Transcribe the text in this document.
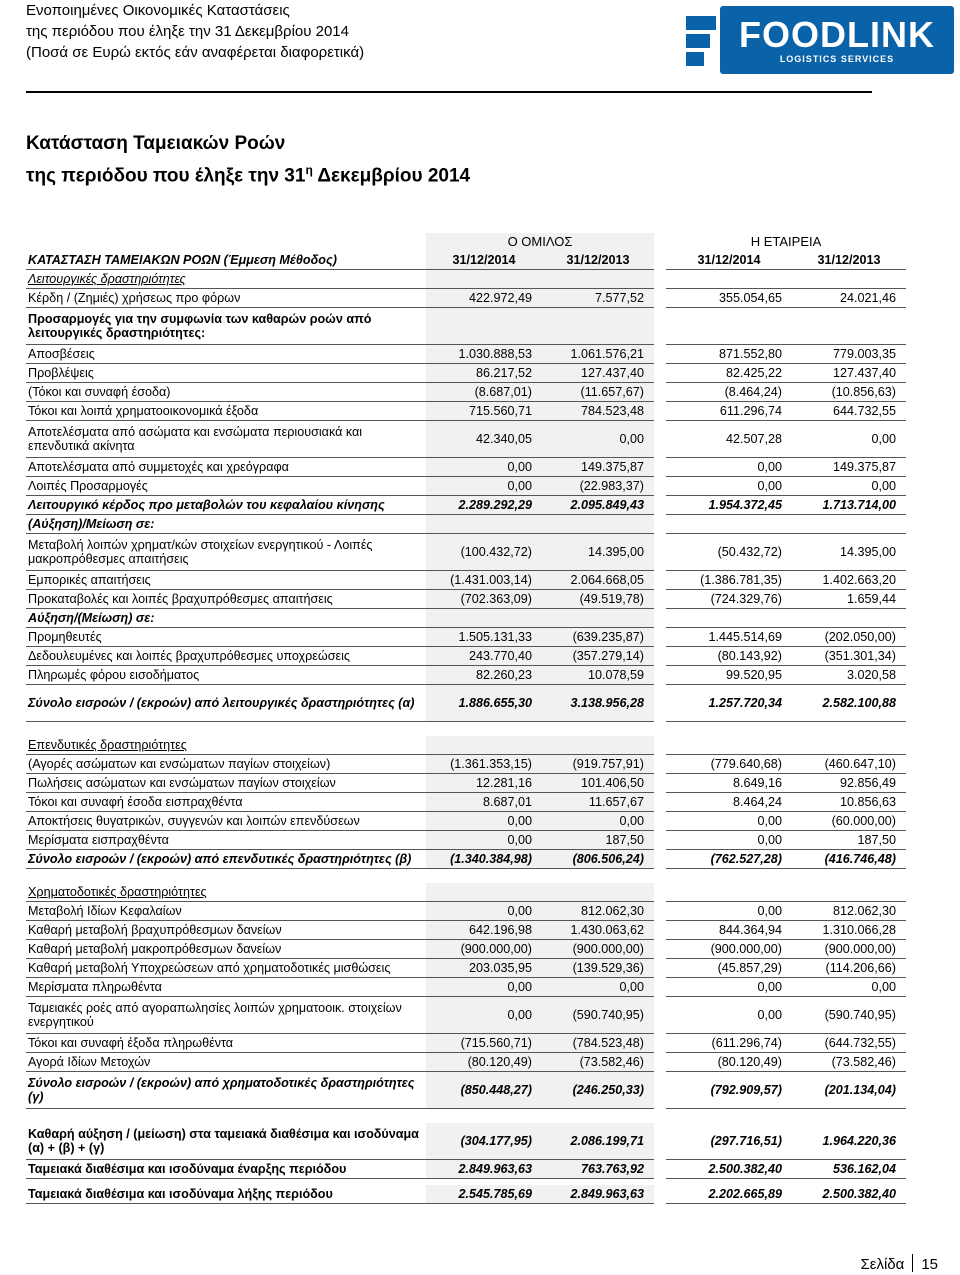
Ενοποιημένες Οικονομικές Καταστάσεις
της περιόδου που έληξε την 31 Δεκεμβρίου 2014
(Ποσά σε Ευρώ εκτός εάν αναφέρεται διαφορετικά)	FOODLINK
LOGISTICS SERVICES
Κατάσταση Ταμειακών Ροών
της περιόδου που έληξε την $31^\eta$ Δεκεμβρίου 2014
	Ο ΟΜΙΛΟΣ			Η ΕΤΑΙΡΕΙΑ	
ΚΑΤΑΣΤΑΣΗ ΤΑΜΕΙΑΚΩΝ ΡΟΩΝ (Έμμεση Μέθοδος)	31/12/2014	31/12/2013		31/12/2014	31/12/2013
Λειτουργικές δραστηριότητες					
Κέρδη / (Ζημιές) χρήσεως προ φόρων	422.972,49	7.577,52		355.054,65	24.021,46
Προσαρμογές για την συμφωνία των καθαρών ροών από λειτουργικές δραστηριότητες:					
Αποσβέσεις	1.030.888,53	1.061.576,21		871.552,80	779.003,35
Προβλέψεις	86.217,52	127.437,40		82.425,22	127.437,40
(Τόκοι και συναφή έσοδα)	(8.687,01)	(11.657,67)		(8.464,24)	(10.856,63)
Τόκοι και λοιπά χρηματοοικονομικά έξοδα	715.560,71	784.523,48		611.296,74	644.732,55
Αποτελέσματα από ασώματα και ενσώματα περιουσιακά και επενδυτικά ακίνητα	42.340,05	0,00		42.507,28	0,00
Αποτελέσματα από συμμετοχές και χρεόγραφα	0,00	149.375,87		0,00	149.375,87
Λοιπές Προσαρμογές	0,00	(22.983,37)		0,00	0,00
Λειτουργικό κέρδος προ μεταβολών του κεφαλαίου κίνησης	2.289.292,29	2.095.849,43		1.954.372,45	1.713.714,00
(Αύξηση)/Μείωση σε:					
Μεταβολή λοιπών χρηματ/κών στοιχείων ενεργητικού - Λοιπές μακροπρόθεσμες απαιτήσεις	(100.432,72)	14.395,00		(50.432,72)	14.395,00
Εμπορικές απαιτήσεις	(1.431.003,14)	2.064.668,05		(1.386.781,35)	1.402.663,20
Προκαταβολές και λοιπές βραχυπρόθεσμες απαιτήσεις	(702.363,09)	(49.519,78)		(724.329,76)	1.659,44
Αύξηση/(Μείωση) σε:					
Προμηθευτές	1.505.131,33	(639.235,87)		1.445.514,69	(202.050,00)
Δεδουλευμένες και λοιπές βραχυπρόθεσμες υποχρεώσεις	243.770,40	(357.279,14)		(80.143,92)	(351.301,34)
Πληρωμές φόρου εισοδήματος	82.260,23	10.078,59		99.520,95	3.020,58
Σύνολο εισροών / (εκροών) από λειτουργικές δραστηριότητες (α)	1.886.655,30	3.138.956,28		1.257.720,34	2.582.100,88

Επενδυτικές δραστηριότητες					
(Αγορές ασώματων και ενσώματων παγίων στοιχείων)	(1.361.353,15)	(919.757,91)		(779.640,68)	(460.647,10)
Πωλήσεις ασώματων και ενσώματων παγίων στοιχείων	12.281,16	101.406,50		8.649,16	92.856,49
Τόκοι και συναφή έσοδα εισπραχθέντα	8.687,01	11.657,67		8.464,24	10.856,63
Αποκτήσεις θυγατρικών, συγγενών και λοιπών επενδύσεων	0,00	0,00		0,00	(60.000,00)
Μερίσματα εισπραχθέντα	0,00	187,50		0,00	187,50
Σύνολο εισροών / (εκροών) από επενδυτικές δραστηριότητες (β)	(1.340.384,98)	(806.506,24)		(762.527,28)	(416.746,48)

Χρηματοδοτικές δραστηριότητες					
Μεταβολή Ιδίων Κεφαλαίων	0,00	812.062,30		0,00	812.062,30
Καθαρή μεταβολή βραχυπρόθεσμων δανείων	642.196,98	1.430.063,62		844.364,94	1.310.066,28
Καθαρή μεταβολή μακροπρόθεσμων δανείων	(900.000,00)	(900.000,00)		(900.000,00)	(900.000,00)
Καθαρή μεταβολή Υποχρεώσεων από χρηματοδοτικές μισθώσεις	203.035,95	(139.529,36)		(45.857,29)	(114.206,66)
Μερίσματα πληρωθέντα	0,00	0,00		0,00	0,00
Ταμειακές ροές από αγοραπωλησίες λοιπών χρηματοοικ. στοιχείων ενεργητικού	0,00	(590.740,95)		0,00	(590.740,95)
Τόκοι και συναφή έξοδα πληρωθέντα	(715.560,71)	(784.523,48)		(611.296,74)	(644.732,55)
Αγορά Ιδίων Μετοχών	(80.120,49)	(73.582,46)		(80.120,49)	(73.582,46)
Σύνολο εισροών / (εκροών) από χρηματοδοτικές δραστηριότητες (γ)	(850.448,27)	(246.250,33)		(792.909,57)	(201.134,04)

Καθαρή αύξηση / (μείωση) στα ταμειακά διαθέσιμα και ισοδύναμα (α) + (β) + (γ)	(304.177,95)	2.086.199,71		(297.716,51)	1.964.220,36
Ταμειακά διαθέσιμα και ισοδύναμα έναρξης περιόδου	2.849.963,63	763.763,92		2.500.382,40	536.162,04

Ταμειακά διαθέσιμα και ισοδύναμα λήξης περιόδου	2.545.785,69	2.849.963,63		2.202.665,89	2.500.382,40
Σελίδα 15
